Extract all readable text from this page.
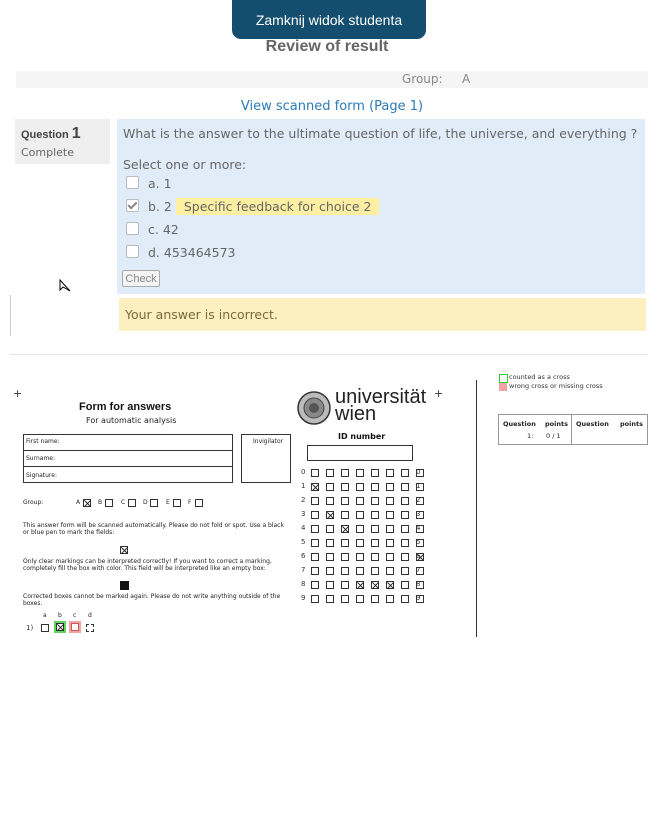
Zamknij widok studenta
Review of result
Group: A
View scanned form (Page 1)
Question 1
Complete
What is the answer to the ultimate question of life, the universe, and everything ?
Select one or more:
a. 1
b. 2 Specific feedback for choice 2
c. 42
d. 453464573
Check
Your answer is incorrect.
+	+
Form for answers
For automatic analysis
First name:
Surname:
Signature:
Invigilator
Group:	A	B	C	D	E	F
This answer form will be scanned automatically. Please do not fold or spot. Use a black or blue pen to mark the fields:
Only clear markings can be interpreted correctly! If you want to correct a marking, completely fill the box with color. This field will be interpreted like an empty box:
Corrected boxes cannot be marked again. Please do not write anything outside of the boxes.
a b c d
1)
universität
wien
ID number
0	0
1	1
2	2
3	3
4	4
5	5
6	6
7	7
8	8
9	9
counted as a cross
wrong cross or missing cross
Question points Question points
1: 0 / 1
